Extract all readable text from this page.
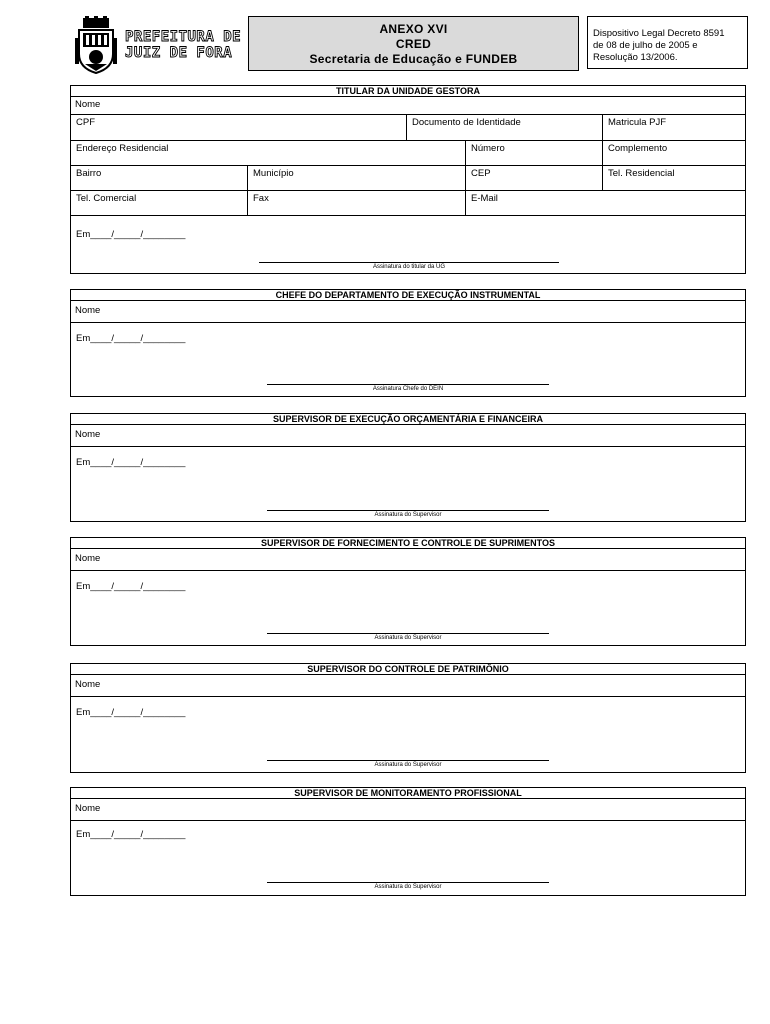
PREFEITURA DE
JUIZ DE FORA
ANEXO XVI
CRED
Secretaria de Educação e FUNDEB
Dispositivo Legal Decreto 8591
de 08 de julho de 2005 e
Resolução 13/2006.
TITULAR DA UNIDADE GESTORA
Nome
CPF	Documento de Identidade	Matricula PJF
Endereço Residencial	Número	Complemento
Bairro	Município	CEP	Tel. Residencial
Tel. Comercial	Fax	E-Mail
Em____/_____/________
Assinatura do titular da UG
CHEFE DO DEPARTAMENTO DE EXECUÇÃO INSTRUMENTAL
Nome
Em____/_____/________
Assinatura Chefe do DEIN
SUPERVISOR DE EXECUÇÃO ORÇAMENTÁRIA E FINANCEIRA
Nome
Em____/_____/________
Assinatura do Supervisor
SUPERVISOR DE FORNECIMENTO E CONTROLE DE SUPRIMENTOS
Nome
Em____/_____/________
Assinatura do Supervisor
SUPERVISOR DO CONTROLE DE PATRIMÔNIO
Nome
Em____/_____/________
Assinatura do Supervisor
SUPERVISOR DE MONITORAMENTO PROFISSIONAL
Nome
Em____/_____/________
Assinatura do Supervisor
